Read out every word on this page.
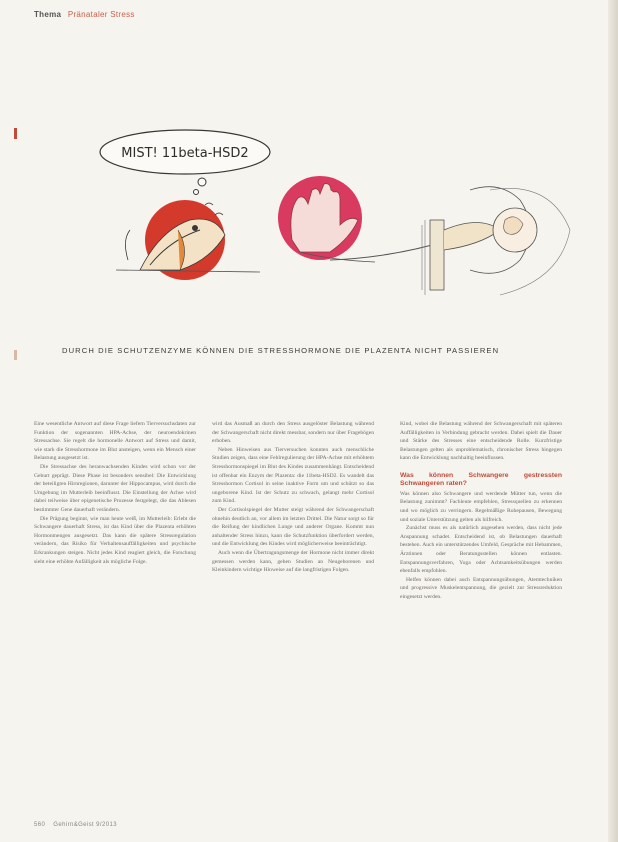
Thema Pränataler Stress
MIST! 11beta-HSD2
DURCH DIE SCHUTZENZYME KÖNNEN DIE STRESSHORMONE DIE PLAZENTA NICHT PASSIEREN

Eine wesentliche Antwort auf diese Frage liefern Tierversuchsdaten zur Funktion der sogenannten HPA-Achse, der neuroendokrinen Stressachse. Sie regelt die hormonelle Antwort auf Stress und damit, wie stark die Stresshormone im Blut ansteigen, wenn ein Mensch einer Belastung ausgesetzt ist.

Die Stressachse des heranwachsenden Kindes wird schon vor der Geburt geprägt. Diese Phase ist besonders sensibel: Die Entwicklung der beteiligten Hirnregionen, darunter der Hippocampus, wird durch die Umgebung im Mutterleib beeinflusst. Die Einstellung der Achse wird dabei teilweise über epigenetische Prozesse festgelegt, die das Ablesen bestimmter Gene dauerhaft verändern.

Die Prägung beginnt, wie man heute weiß, im Mutterleib: Erlebt die Schwangere dauerhaft Stress, ist das Kind über die Plazenta erhöhten Hormonmengen ausgesetzt. Das kann die spätere Stressregulation verändern, das Risiko für Verhaltensauffälligkeiten und psychische Erkrankungen steigen. Nicht jedes Kind reagiert gleich, die Forschung sieht eine erhöhte Anfälligkeit als mögliche Folge.

wird das Ausmaß an durch den Stress ausgelöster Belastung während der Schwangerschaft nicht direkt messbar, sondern nur über Fragebögen erhoben.

Neben Hinweisen aus Tierversuchen konnten auch menschliche Studien zeigen, dass eine Fehlregulierung der HPA-Achse mit erhöhtem Stresshormonspiegel im Blut des Kindes zusammenhängt. Entscheidend ist offenbar ein Enzym der Plazenta: die 11beta-HSD2. Es wandelt das Stresshormon Cortisol in seine inaktive Form um und schützt so das ungeborene Kind. Ist der Schutz zu schwach, gelangt mehr Cortisol zum Kind.

Der Cortisolspiegel der Mutter steigt während der Schwangerschaft ohnehin deutlich an, vor allem im letzten Drittel. Die Natur sorgt so für die Reifung der kindlichen Lunge und anderer Organe. Kommt nun anhaltender Stress hinzu, kann die Schutzfunktion überfordert werden, und die Entwicklung des Kindes wird möglicherweise beeinträchtigt.

Auch wenn die Übertragungsmenge der Hormone nicht immer direkt gemessen werden kann, geben Studien an Neugeborenen und Kleinkindern wichtige Hinweise auf die langfristigen Folgen.

Kind, wobei die Belastung während der Schwangerschaft mit späteren Auffälligkeiten in Verbindung gebracht werden. Dabei spielt die Dauer und Stärke des Stresses eine entscheidende Rolle. Kurzfristige Belastungen gelten als unproblematisch, chronischer Stress hingegen kann die Entwicklung nachhaltig beeinflussen.

Was können Schwangere gestressten Schwangeren raten?

Was können also Schwangere und werdende Mütter tun, wenn die Belastung zunimmt? Fachleute empfehlen, Stressquellen zu erkennen und wo möglich zu verringern. Regelmäßige Ruhepausen, Bewegung und soziale Unterstützung gelten als hilfreich.

Zunächst muss es als natürlich angesehen werden, dass nicht jede Anspannung schadet. Entscheidend ist, ob Belastungen dauerhaft bestehen. Auch ein unterstützendes Umfeld, Gespräche mit Hebammen, Ärztinnen oder Beratungsstellen können entlasten. Entspannungsverfahren, Yoga oder Achtsamkeitsübungen werden ebenfalls empfohlen.

Helfen können dabei auch Entspannungsübungen, Atemtechniken und progressive Muskelentspannung, die gezielt zur Stressreduktion eingesetzt werden.

560 Gehirn&Geist 9/2013
